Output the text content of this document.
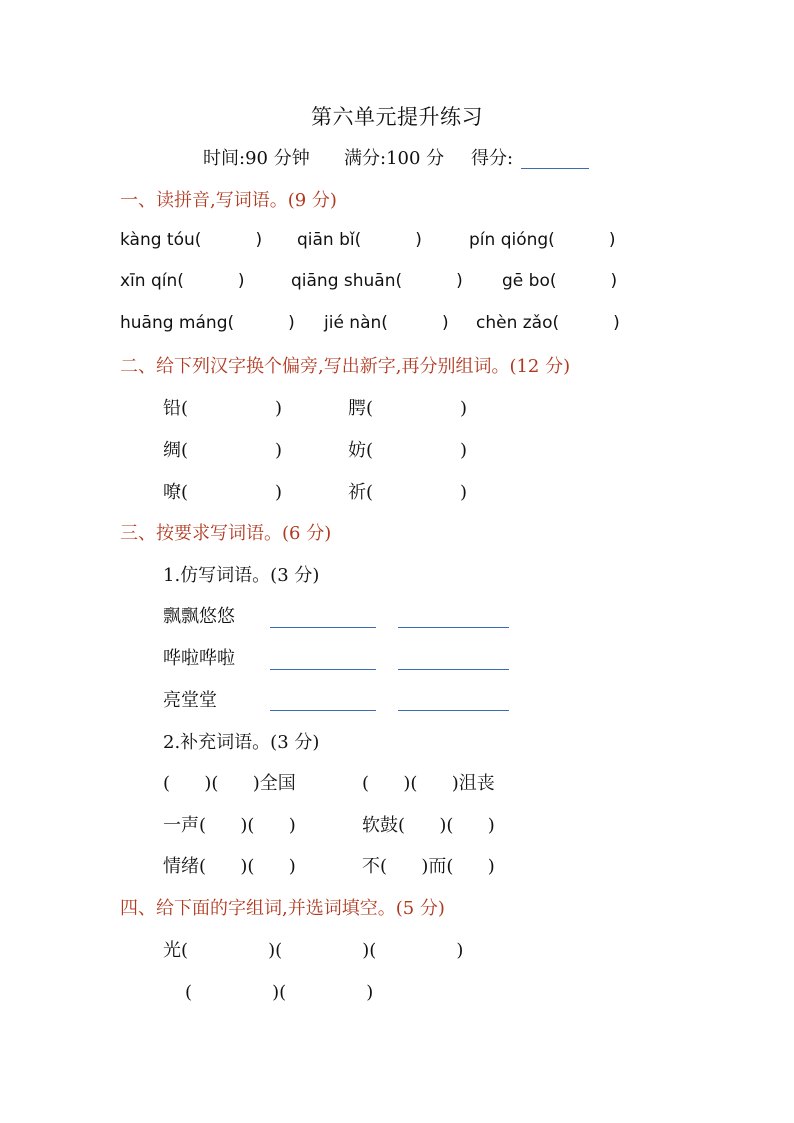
第六单元提升练习
时间:90 分钟 满分:100 分 得分:
一、读拼音,写词语。(9 分)
kàng tóu(          ) qiān bǐ(          )	pín qióng(          )
xīn qín(          )	qiāng shuān(          ) gē bo(          )
huāng máng(          ) jié nàn(          ) chèn zǎo(          )
二、给下列汉字换个偏旁,写出新字,再分别组词。(12 分)
铅(	)	腭(	)
绸(	)	妨(	)
嘹(	)	祈(	)
三、按要求写词语。(6 分)
1.仿写词语。(3 分)
飘飘悠悠
哗啦哗啦
亮堂堂
2.补充词语。(3 分)
(      )(      )全国	(      )(      )沮丧
一声(      )(      )	软鼓(      )(      )
情绪(      )(      )	不(      )而(      )
四、给下面的字组词,并选词填空。(5 分)
光(              )(              )(              )
(              )(              )
